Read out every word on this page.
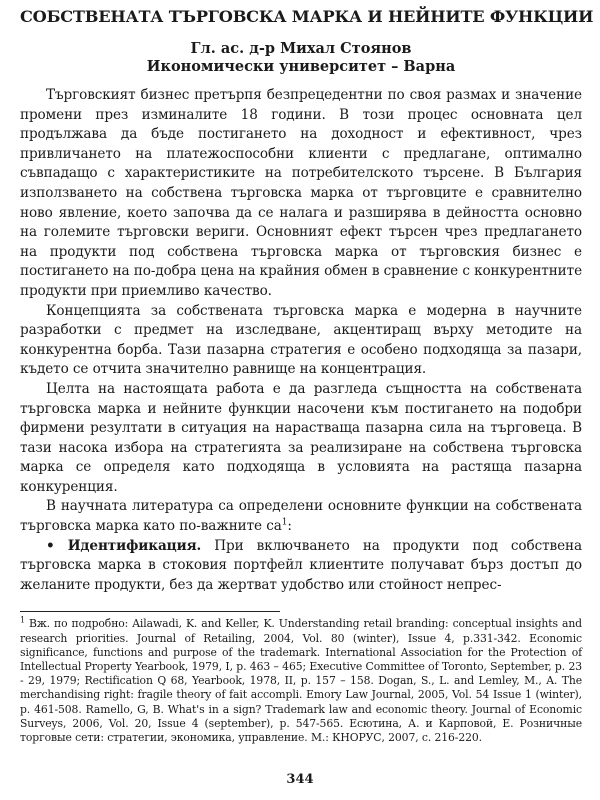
СОБСТВЕНАТА ТЪРГОВСКА МАРКА И НЕЙНИТЕ ФУНКЦИИ

Гл. ас. д-р Михал Стоянов

Икономически университет – Варна

Търговският бизнес претърпя безпрецедентни по своя размах и значение промени през изминалите 18 години. В този процес основната цел продължава да бъде постигането на доходност и ефективност, чрез привличането на платежоспособни клиенти с предлагане, оптимално съвпадащо с характеристиките на потребителското търсене. В България използването на собствена търговска марка от търговците е сравнително ново явление, което започва да се налага и разширява в дейността основно на големите търговски вериги. Основният ефект търсен чрез предлагането на продукти под собствена търговска марка от търговския бизнес е постигането на по-добра цена на крайния обмен в сравнение с конкурентните продукти при приемливо качество.

Концепцията за собствената търговска марка е модерна в научните разработки с предмет на изследване, акцентиращ върху методите на конкурентна борба. Тази пазарна стратегия е особено подходяща за пазари, където се отчита значително равнище на концентрация.

Целта на настоящата работа е да разгледа същността на собствената търговска марка и нейните функции насочени към постигането на подобри фирмени резултати в ситуация на нарастваща пазарна сила на търговеца. В тази насока избора на стратегията за реализиране на собствена търговска марка се определя като подходяща в условията на растяща пазарна конкуренция.

В научната литература са определени основните функции на собствената търговска марка като по-важните $са^1$:

• Идентификация. При включването на продукти под собствена търговска марка в стоковия портфейл клиентите получават бърз достъп до желаните продукти, без да жертват удобство или стойност непрес-

$^1$ Вж. по подробно: Ailawadi, K. and Keller, K. Understanding retail branding: conceptual insights and research priorities. Journal of Retailing, 2004, Vol. 80 (winter), Issue 4, p.331-342. Economic significance, functions and purpose of the trademark. International Association for the Protection of Intellectual Property Yearbook, 1979, I, p. 463 – 465; Executive Committee of Toronto, September, p. 23 - 29, 1979; Rectification Q 68, Yearbook, 1978, II, p. 157 – 158. Dogan, S., L. and Lemley, M., A. The merchandising right: fragile theory of fait accompli. Emory Law Journal, 2005, Vol. 54 Issue 1 (winter), p. 461-508. Ramello, G, B. What's in a sign? Trademark law and economic theory. Journal of Economic Surveys, 2006, Vol. 20, Issue 4 (september), p. 547-565. Есютина, А. и Карповой, Е. Розничные торговые сети: стратегии, экономика, управление. М.: КНОРУС, 2007, с. 216-220.

344
